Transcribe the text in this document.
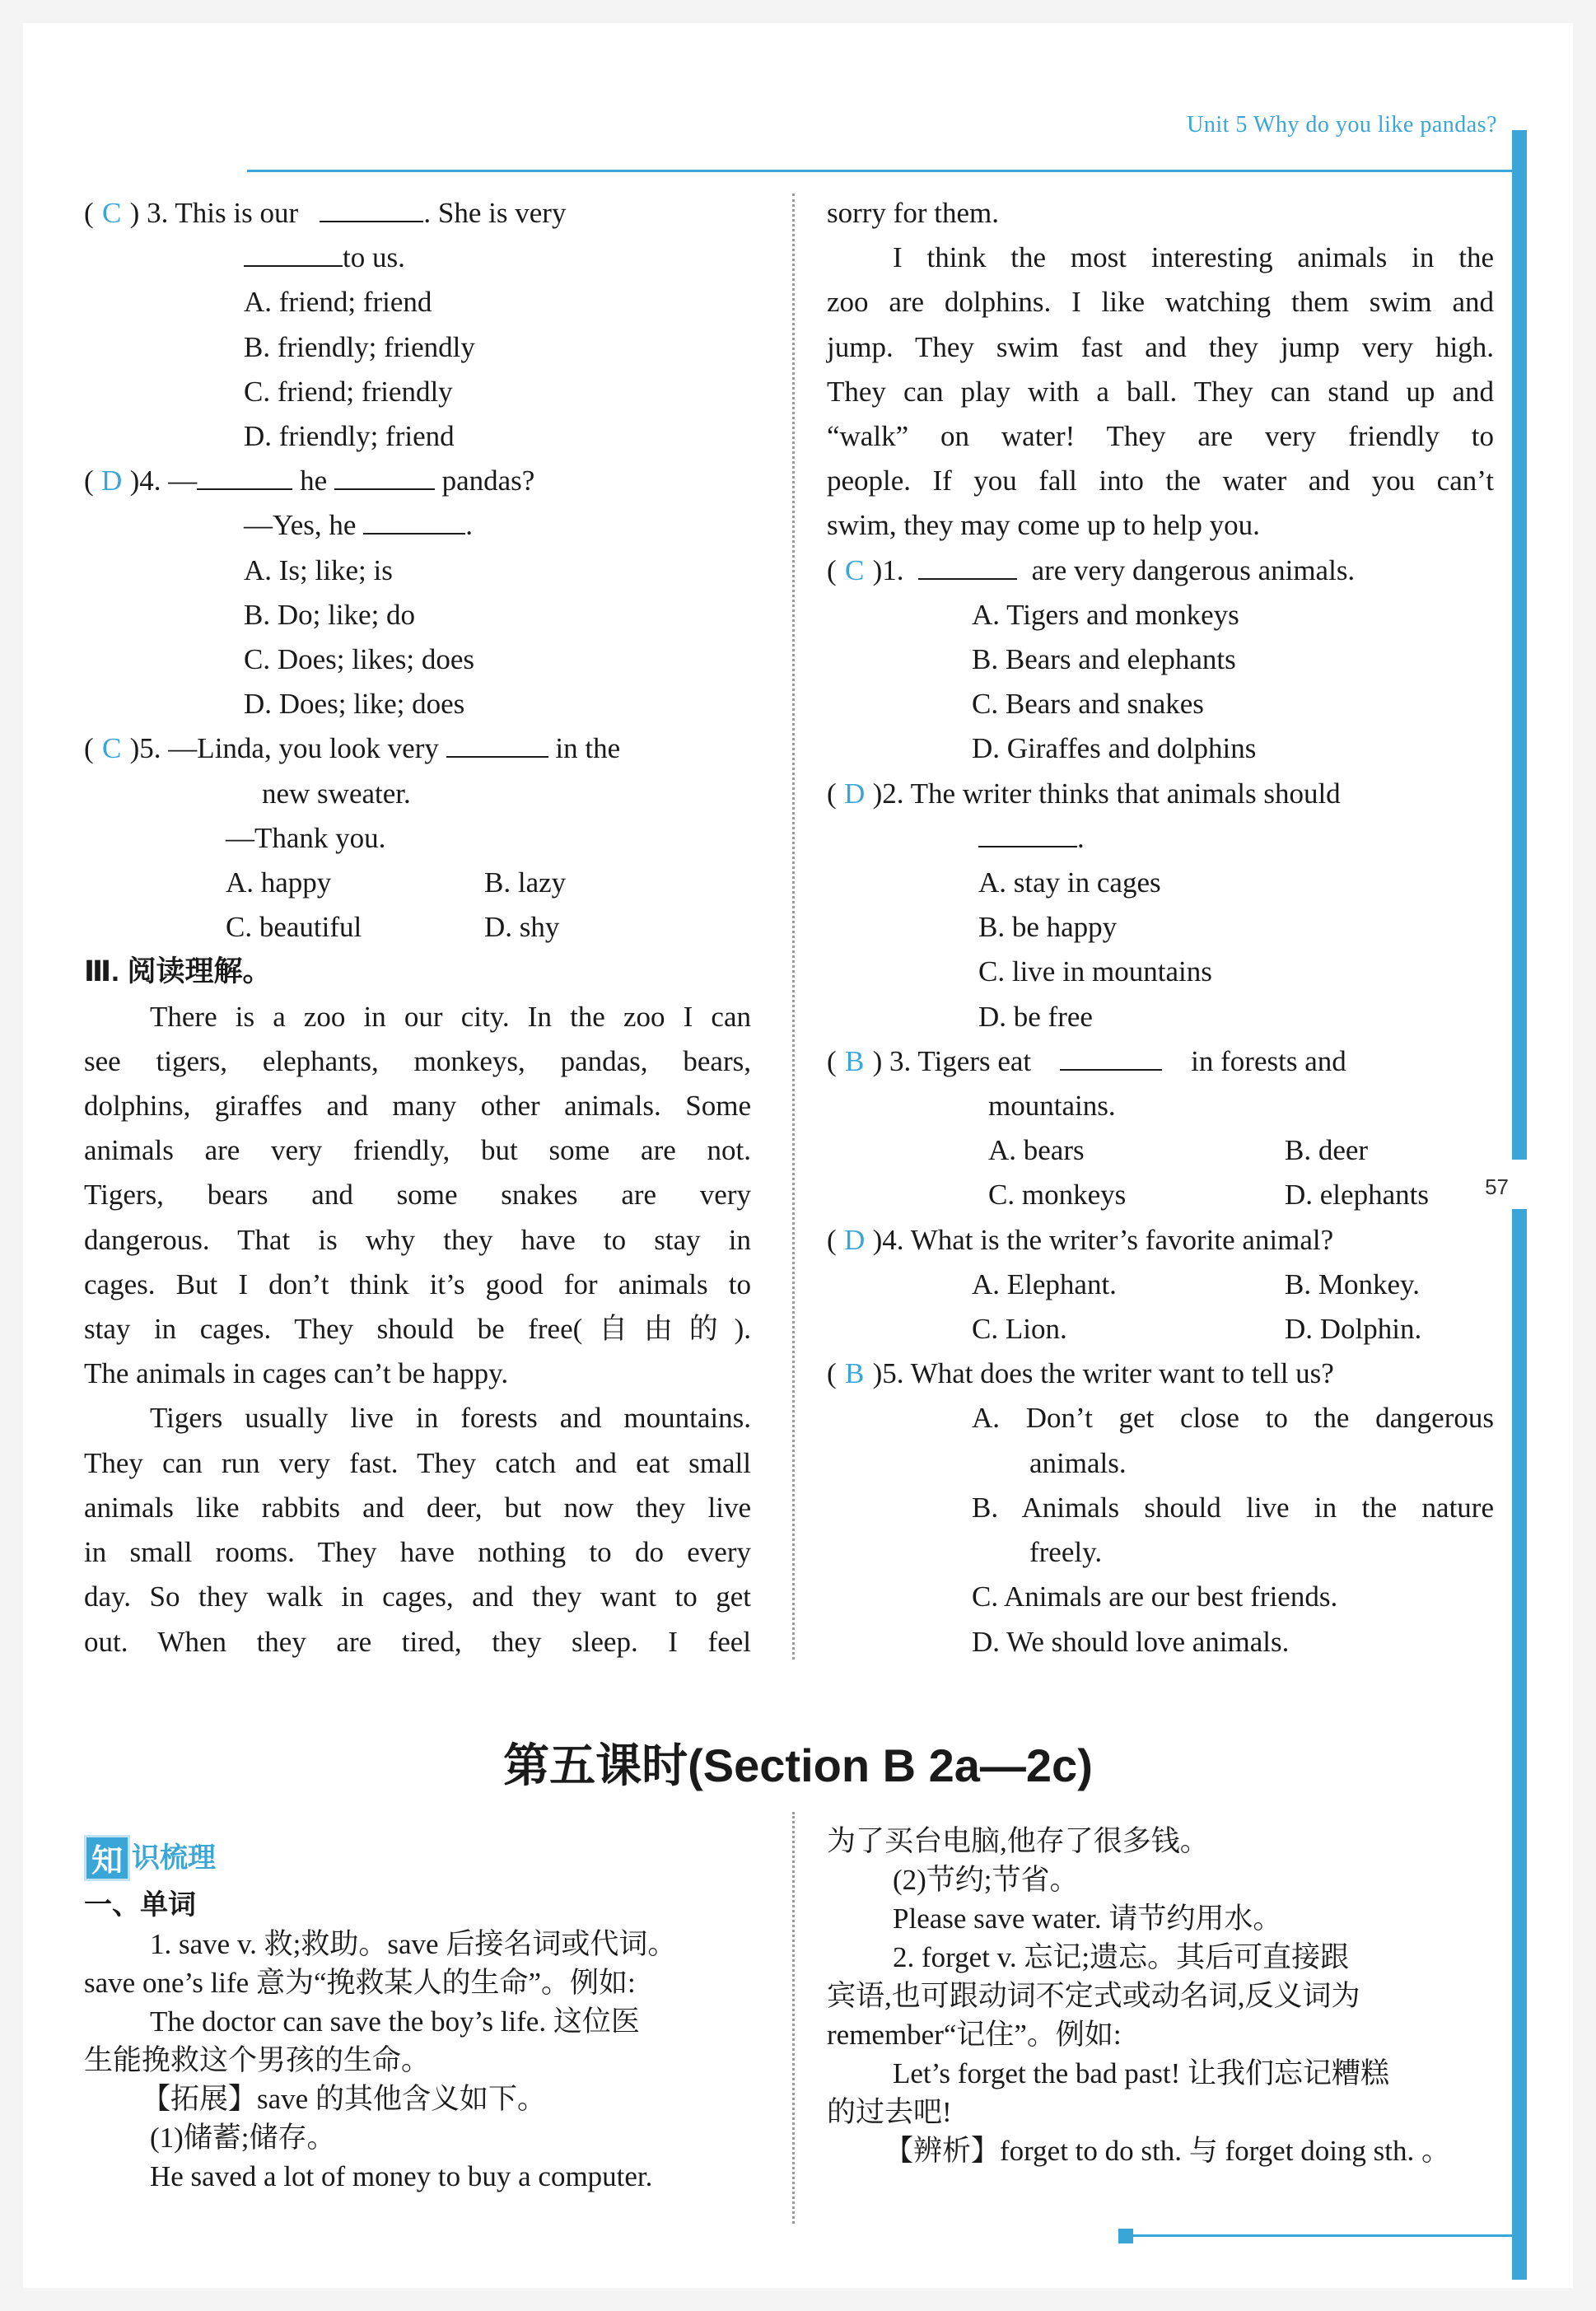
Unit 5 Why do you like pandas?
57
( C ) 3. This is our
	. She is very
to us.
A. friend; friend
B. friendly; friendly
C. friend; friendly
D. friendly; friend
( D )4. —	he	pandas?
—Yes, he	.
A. Is; like; is
B. Do; like; do
C. Does; likes; does
D. Does; like; does
( C )5. —Linda, you look very

	in the
new sweater.
—Thank you.
A. happy	B. lazy
C. beautiful	D. shy
Ⅲ. 阅读理解。
There is a zoo in our city. In the zoo I can
see tigers, elephants, monkeys, pandas, bears,
dolphins, giraffes and many other animals. Some
animals are very friendly, but some are not.
Tigers, bears and some snakes are very
dangerous. That is why they have to stay in
cages. But I don’t think it’s good for animals to
stay in cages. They should be free(自由的).
The animals in cages can’t be happy.
Tigers usually live in forests and mountains.
They can run very fast. They catch and eat small
animals like rabbits and deer, but now they live
in small rooms. They have nothing to do every
day. So they walk in cages, and they want to get
out. When they are tired, they sleep. I feel
sorry for them.
I think the most interesting animals in the
zoo are dolphins. I like watching them swim and
jump. They swim fast and they jump very high.
They can play with a ball. They can stand up and
“walk” on water! They are very friendly to
people. If you fall into the water and you can’t
swim, they may come up to help you.
( C )1.

	are very dangerous animals.
A. Tigers and monkeys
B. Bears and elephants
C. Bears and snakes
D. Giraffes and dolphins
( D )2. The writer thinks that animals should
.
A. stay in cages
B. be happy
C. live in mountains
D. be free
( B ) 3. Tigers eat

	in forests and
mountains.
A. bears	B. deer
C. monkeys	D. elephants
( D )4. What is the writer’s favorite animal?
A. Elephant.	B. Monkey.
C. Lion.	D. Dolphin.
( B )5. What does the writer want to tell us?
A. Don’t get close to the dangerous
animals.
B. Animals should live in the nature
freely.
C. Animals are our best friends.
D. We should love animals.
第五课时(Section B 2a—2c)
知 识梳理
一、单词
1. save v. 救;救助。save 后接名词或代词。
save one’s life 意为“挽救某人的生命”。例如:
The doctor can save the boy’s life. 这位医
生能挽救这个男孩的生命。
【拓展】save 的其他含义如下。
(1)储蓄;储存。
He saved a lot of money to buy a computer.
为了买台电脑,他存了很多钱。
(2)节约;节省。
Please save water. 请节约用水。
2. forget v. 忘记;遗忘。其后可直接跟
宾语,也可跟动词不定式或动名词,反义词为
remember“记住”。例如:
Let’s forget the bad past! 让我们忘记糟糕
的过去吧!
【辨析】forget to do sth. 与 forget doing sth. 。
